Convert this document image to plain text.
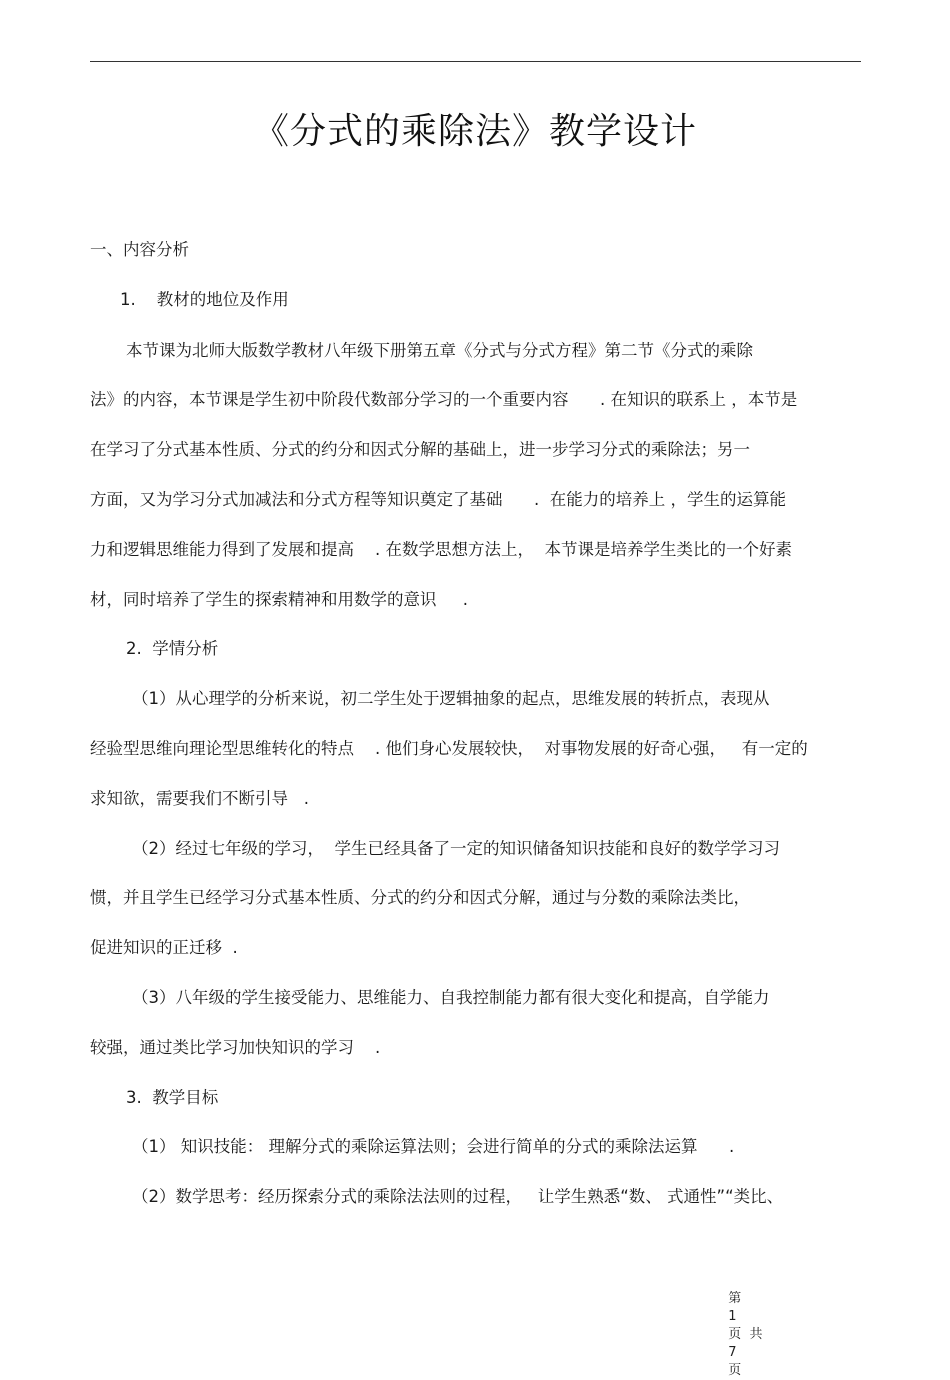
《分式的乘除法》教学设计
一、内容分析
1.    教材的地位及作用
本节课为北师大版数学教材八年级下册第五章《分式与分式方程》第二节《分式的乘除
法》的内容，本节课是学生初中阶段代数部分学习的一个重要内容      . 在知识的联系上 ，本节是
在学习了分式基本性质、分式的约分和因式分解的基础上，进一步学习分式的乘除法；另一
方面，又为学习分式加减法和分式方程等知识奠定了基础      .  在能力的培养上 ，学生的运算能
力和逻辑思维能力得到了发展和提高    . 在数学思想方法上，  本节课是培养学生类比的一个好素
材，同时培养了学生的探索精神和用数学的意识     .
2.  学情分析
（1）从心理学的分析来说，初二学生处于逻辑抽象的起点，思维发展的转折点，表现从
经验型思维向理论型思维转化的特点    . 他们身心发展较快，  对事物发展的好奇心强，   有一定的
求知欲，需要我们不断引导   .
（2）经过七年级的学习，  学生已经具备了一定的知识储备知识技能和良好的数学学习习
惯，并且学生已经学习分式基本性质、分式的约分和因式分解，通过与分数的乘除法类比，
促进知识的正迁移  .
（3）八年级的学生接受能力、思维能力、自我控制能力都有很大变化和提高，自学能力
较强，通过类比学习加快知识的学习    .
3.  教学目标
（1） 知识技能： 理解分式的乘除运算法则；会进行简单的分式的乘除法运算      .
（2）数学思考：经历探索分式的乘除法法则的过程，   让学生熟悉“数、 式通性”“类比、

第
1
页  共
7
页
